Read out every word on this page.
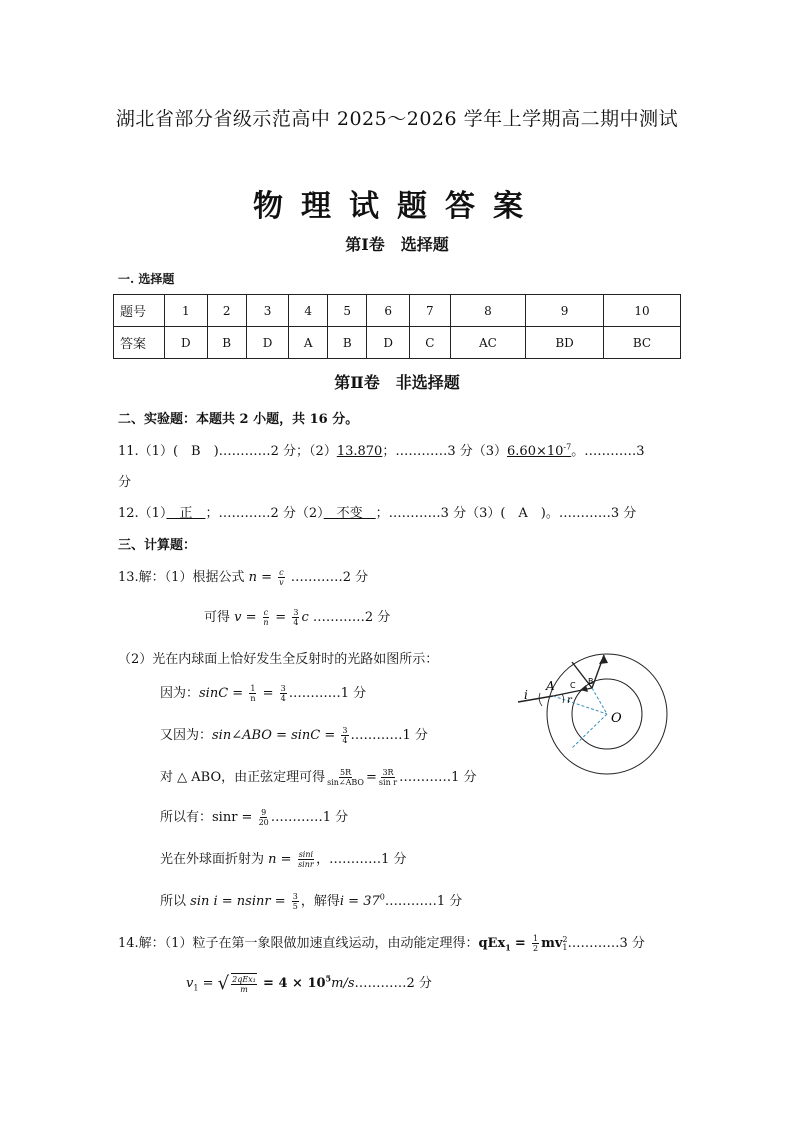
湖北省部分省级示范高中 2025～2026 学年上学期高二期中测试
物理试题答案
第Ⅰ卷　选择题
一. 选择题
题号	1	2	3	4	5	6	7	8	9	10
答案	D	B	D	A	B	D	C	AC	BD	BC
第Ⅱ卷　非选择题
二、实验题：本题共 2 小题，共 16 分。
11.（1）(　B　)…………2 分；（2）13.870；…………3 分$(3)6.60\times 10^{-7}$。…………3
分
12.（1）　正　；…………2 分（2）　不变　；…………3 分（3）(　A　)。…………3 分
三、计算题：
13.解：（1）根据公式 $n = \frac{c}{v}$ …………2 分
可得 $v = \frac{c}{n} = \frac{3}{4}$ c …………2 分
（2）光在内球面上恰好发生全反射时的光路如图所示：
因为：$\sin C = \frac{1}{n} = \frac{3}{4}$ …………1 分
又因为：sin∠ABO = $\sin C = \frac{3}{4}$ …………1 分
对 △ ABO，由正弦定理可得 $\frac{5R}{\text{sin∠ABO}} = \frac{3R}{\text{sin r}}$ …………1 分
所以有：$\sin r = \frac{9}{20}$ …………1 分
光在外球面折射为 $n = \frac{\sin i}{\sin r}$ ，…………1 分
所以 $\sin i = nsinr = \frac{3}{5}$ ，解得$i = 37^0\dots\dots\dots\dots 1$ 分
14.解：（1）粒子在第一象限做加速直线运动，由动能定理得：$qEx_1 = \frac{1}{2}$ mv 2
1 …………3 分
$v_1$ = √ $\frac{\text{2qEx₁}}{m} = 4$ × $10^5m/s\dots\dots\dots\dots 2$ 分
i
A C B
r
O
